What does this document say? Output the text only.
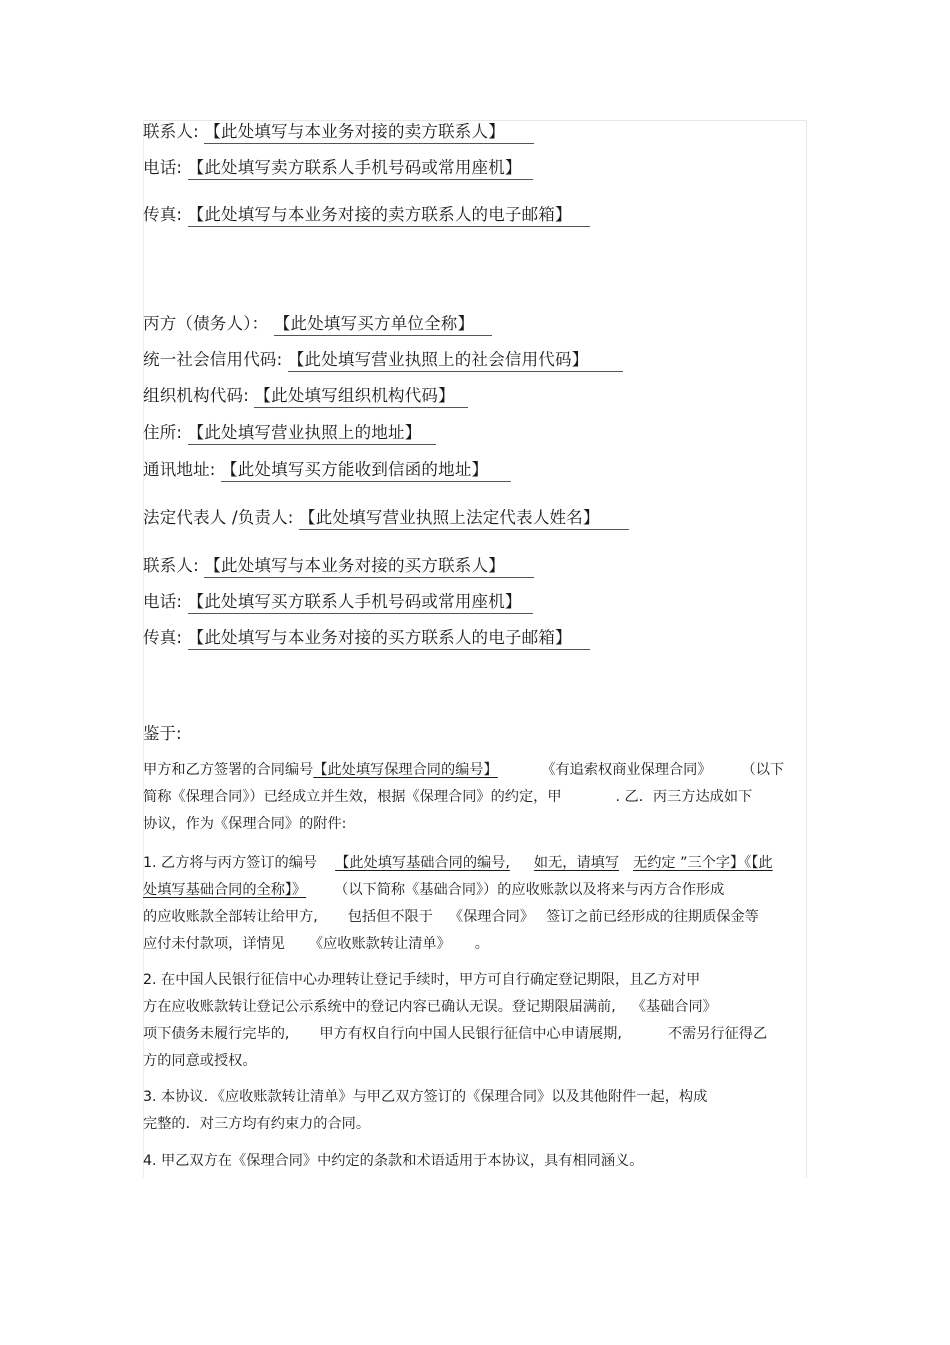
联系人: 【此处填写与本业务对接的卖方联系人】
电话: 【此处填写卖方联系人手机号码或常用座机】
传真: 【此处填写与本业务对接的卖方联系人的电子邮箱】
丙方（债务人）： 【此处填写买方单位全称】
统一社会信用代码: 【此处填写营业执照上的社会信用代码】
组织机构代码: 【此处填写组织机构代码】
住所: 【此处填写营业执照上的地址】
通讯地址: 【此处填写买方能收到信函的地址】
法定代表人 /负责人: 【此处填写营业执照上法定代表人姓名】
联系人: 【此处填写与本业务对接的买方联系人】
电话: 【此处填写买方联系人手机号码或常用座机】
传真: 【此处填写与本业务对接的买方联系人的电子邮箱】
鉴于:
甲方和乙方签署的合同编号【此处填写保理合同的编号】	《有追索权商业保理合同》 （以下
简称《保理合同》）已经成立并生效，根据《保理合同》的约定，甲	. 乙．丙三方达成如下
协议，作为《保理合同》的附件:
1. 乙方将与丙方签订的编号 【此处填写基础合同的编号, 如无，请填写 无约定 ”三个字】《【此
处填写基础合同的全称】》 （以下简称《基础合同》）的应收账款以及将来与丙方合作形成
的应收账款全部转让给甲方, 包括但不限于 《保理合同》 签订之前已经形成的往期质保金等
应付未付款项，详情见 《应收账款转让清单》 。
2. 在中国人民银行征信中心办理转让登记手续时，甲方可自行确定登记期限，且乙方对甲
方在应收账款转让登记公示系统中的登记内容已确认无误。登记期限届满前, 《基础合同》
项下债务未履行完毕的, 甲方有权自行向中国人民银行征信中心申请展期,	不需另行征得乙
方的同意或授权。
3. 本协议．《应收账款转让清单》与甲乙双方签订的《保理合同》以及其他附件一起，构成
完整的．对三方均有约束力的合同。
4. 甲乙双方在《保理合同》中约定的条款和术语适用于本协议，具有相同涵义。
